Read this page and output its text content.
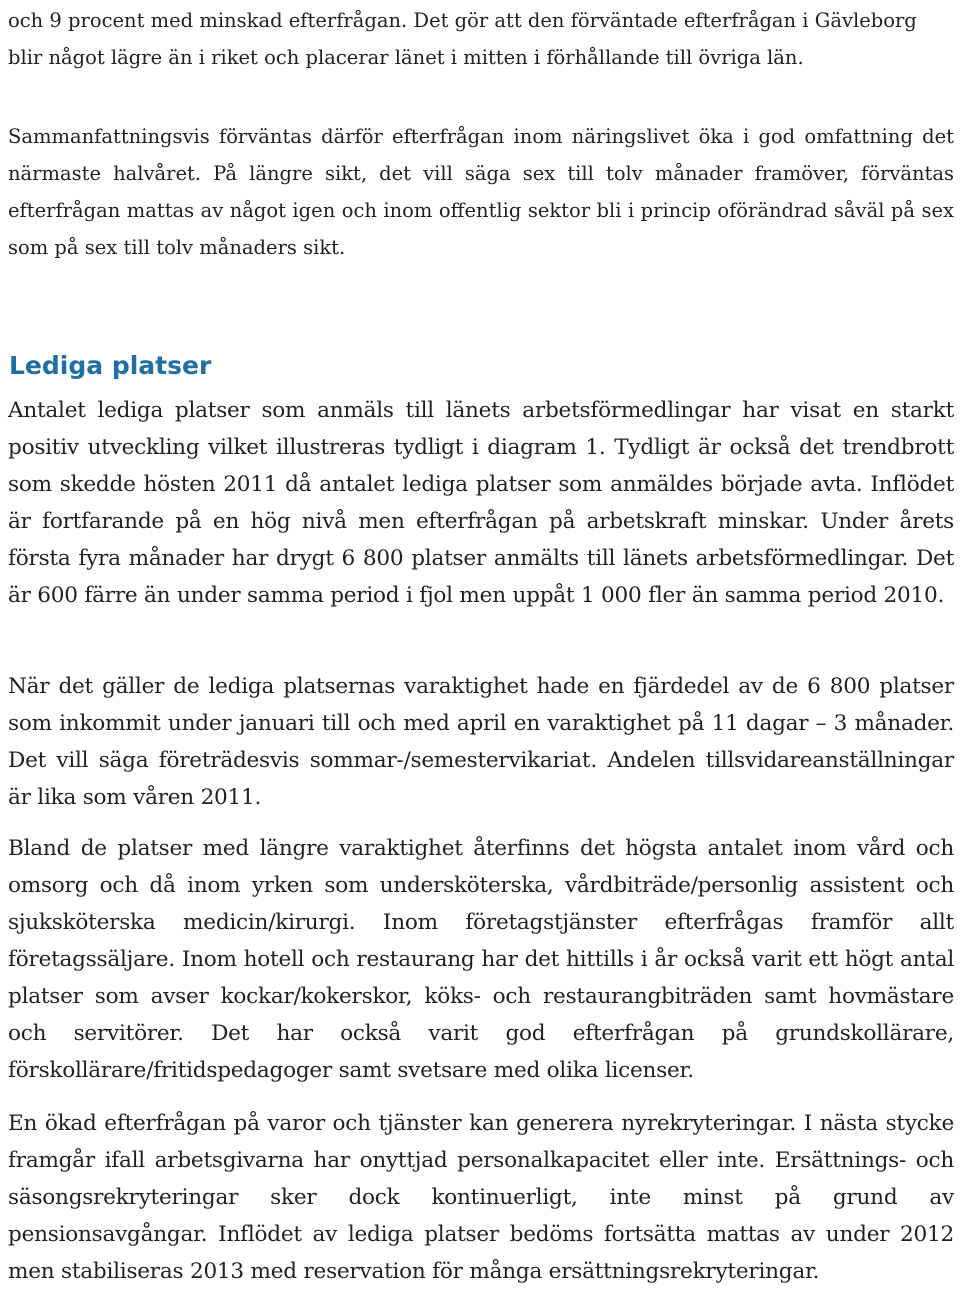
och 9 procent med minskad efterfrågan. Det gör att den förväntade efterfrågan i Gävleborg blir något lägre än i riket och placerar länet i mitten i förhållande till övriga län.

Sammanfattningsvis förväntas därför efterfrågan inom näringslivet öka i god omfattning det närmaste halvåret. På längre sikt, det vill säga sex till tolv månader framöver, förväntas efterfrågan mattas av något igen och inom offentlig sektor bli i princip oförändrad såväl på sex som på sex till tolv månaders sikt.

Lediga platser

Antalet lediga platser som anmäls till länets arbetsförmedlingar har visat en starkt positiv utveckling vilket illustreras tydligt i diagram 1. Tydligt är också det trendbrott som skedde hösten 2011 då antalet lediga platser som anmäldes började avta. Inflödet är fortfarande på en hög nivå men efterfrågan på arbetskraft minskar. Under årets första fyra månader har drygt 6 800 platser anmälts till länets arbetsförmedlingar. Det är 600 färre än under samma period i fjol men uppåt 1 000 fler än samma period 2010.

När det gäller de lediga platsernas varaktighet hade en fjärdedel av de 6 800 platser som inkommit under januari till och med april en varaktighet på 11 dagar – 3 månader. Det vill säga företrädesvis sommar-/semestervikariat. Andelen tillsvidareanställningar är lika som våren 2011.

Bland de platser med längre varaktighet återfinns det högsta antalet inom vård och omsorg och då inom yrken som undersköterska, vårdbiträde/personlig assistent och sjuksköterska medicin/kirurgi. Inom företagstjänster efterfrågas framför allt företagssäljare. Inom hotell och restaurang har det hittills i år också varit ett högt antal platser som avser kockar/kokerskor, köks- och restaurangbiträden samt hovmästare och servitörer. Det har också varit god efterfrågan på grundskollärare, förskollärare/fritidspedagoger samt svetsare med olika licenser.

En ökad efterfrågan på varor och tjänster kan generera nyrekryteringar. I nästa stycke framgår ifall arbetsgivarna har onyttjad personalkapacitet eller inte. Ersättnings- och säsongsrekryteringar sker dock kontinuerligt, inte minst på grund av pensionsavgångar. Inflödet av lediga platser bedöms fortsätta mattas av under 2012 men stabiliseras 2013 med reservation för många ersättningsrekryteringar.
